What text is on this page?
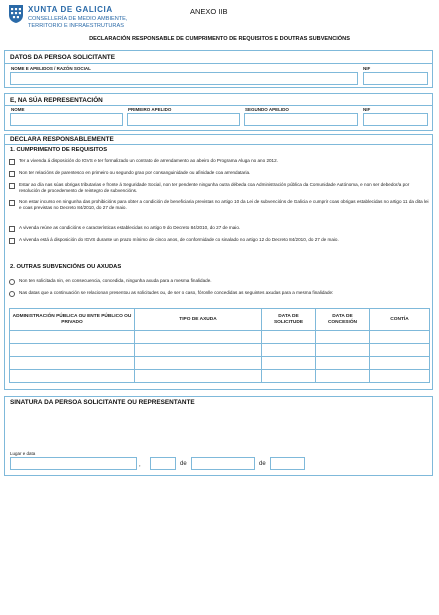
XUNTA DE GALICIA
CONSELLERÍA DE MEDIO AMBIENTE,
TERRITORIO E INFRAESTRUTURAS
ANEXO IIB
DECLARACIÓN RESPONSABLE DE CUMPRIMENTO DE REQUISITOS E DOUTRAS SUBVENCIÓNS
DATOS DA PERSOA SOLICITANTE
NOME E APELIDOS / RAZÓN SOCIAL	NIF
E, NA SÚA REPRESENTACIÓN
NOME	PRIMEIRO APELIDO	SEGUNDO APELIDO	NIF
DECLARA RESPONSABLEMENTE
1. CUMPRIMENTO DE REQUISITOS
Ter a vivenda á disposición do IGVS e ter formalizado un contrato de arrendamento ao abeiro do Programa Aluga no ano 2012.
Non ter relacións de parentesco en primeiro ou segundo grao por consanguinidade ou afinidade coa arrendataria.
Estar ao día nas súas obrigas tributarias e fronte á Seguridade Social, non ter pendente ningunha outra débeda coa Administración pública da Comunidade Autónoma, e non ser debedor/a por resolución de procedemento de reintegro de subvencións.
Non estar incurso en ningunha das prohibicións para obter a condición de beneficiaria previstas no artigo 10 da Lei de subvencións de Galicia e cumprir coas obrigas establecidas no artigo 11 da dita lei e coas previstas no Decreto 84/2010, do 27 de maio.
A vivenda reúne as condicións e características establecidas no artigo 9 do Decreto 84/2010, do 27 de maio.
A vivenda está á disposición do IGVS durante un prazo mínimo de cinco anos, de conformidade co sinalado no artigo 12 do Decreto 84/2010, do 27 de maio.
2. OUTRAS SUBVENCIÓNS OU AXUDAS
Non ten solicitada nin, en consecuencia, concedida, ningunha axuda para a mesma finalidade.
Nas datas que a continuación se relacionan presentou as solicitudes ou, de ser o caso, fóronlle concedidas as seguintes axudas para a mesma finalidade:
ADMINISTRACIÓN PÚBLICA OU ENTE PÚBLICO OU PRIVADO	TIPO DE AXUDA	DATA DE SOLICITUDE	DATA DE CONCESIÓN	CONTÍA

SINATURA DA PERSOA SOLICITANTE OU REPRESENTANTE
Lugar e data
,	de	de
